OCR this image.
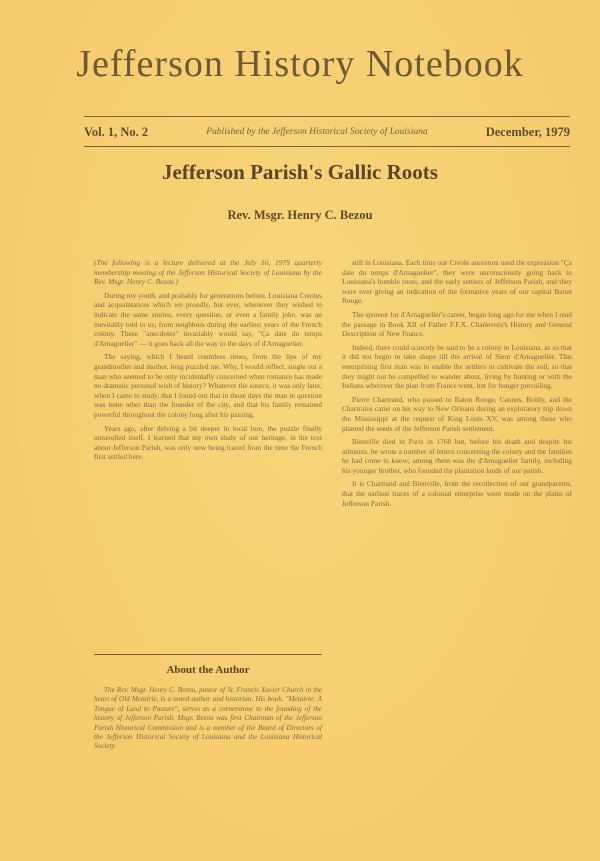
Jefferson History Notebook
Vol. 1, No. 2	Published by the Jefferson Historical Society of Louisiana	December, 1979
Jefferson Parish's Gallic Roots
Rev. Msgr. Henry C. Bezou

(The following is a lecture delivered at the July 16, 1979 quarterly membership meeting of the Jefferson Historical Society of Louisiana by the Rev. Msgr. Henry C. Bezou.)

During my youth, and probably for generations before, Louisiana Creoles and acquaintances which we proudly, but ever, whenever they wished to indicate the same stories, every question, or even a family joke, was an inevitably told to us; from neighbors during the earliest years of the French colony. These "anecdotes" invariably would say, "Ça date du temps d'Arnaguelier" — it goes back all the way to the days of d'Arnaguelier.

The saying, which I heard countless times, from the lips of my grandmother and mother, long puzzled me. Why, I would reflect, single out a man who seemed to be only incidentally concerned when romance has made no dramatic personal wish of history? Whatever the source, it was only later, when I came to study, that I found out that in those days the man in question was none other than the founder of the city, and that his family remained powerful throughout the colony long after his passing.

Years ago, after delving a bit deeper in local lore, the puzzle finally unravelled itself. I learned that my own study of our heritage, in the text about Jefferson Parish, was only now being traced from the time the French first settled here.

About the Author
The Rev. Msgr. Henry C. Bezou, pastor of St. Francis Xavier Church in the heart of Old Metairie, is a noted author and historian. His book, "Metairie: A Tongue of Land to Pasture", serves as a cornerstone to the founding of the history of Jefferson Parish. Msgr. Bezou was first Chairman of the Jefferson Parish Historical Commission and is a member of the Board of Directors of the Jefferson Historical Society of Louisiana and the Louisiana Historical Society.

still in Louisiana. Each time our Creole ancestors used the expression "Ça date du temps d'Arnaguelier", they were unconsciously going back to Louisiana's humble roots, and the early settlers of Jefferson Parish, and they were ever giving an indication of the formative years of our capital Baton Rouge.

The sponsor for d'Arnaguelier's career, began long ago for me when I read the passage in Book XII of Father F.F.X. Charlevoix's History and General Description of New France.

Indeed, there could scarcely be said to be a colony in Louisiana, as so that it did not begin to take shape till the arrival of Sieur d'Arnaguelier. This enterprising first man was to enable the settlers to cultivate the soil, so that they might not be compelled to wander about, living by hunting or with the Indians wherever the plan from France went, but for hunger prevailing.

Pierre Chartrand, who passed to Baton Rouge, Cannes, Boilly, and the Chartrains came on his way to New Orleans during an exploratory trip down the Mississippi at the request of King Louis XV, was among those who planted the seeds of the Jefferson Parish settlement.

Bienville died in Paris in 1768 but, before his death and despite his ailments, he wrote a number of letters concerning the colony and the families he had come to know; among them was the d'Arnaguelier family, including his younger brother, who founded the plantation lands of our parish.

It is Chartrand and Bienville, from the recollection of our grandparents, that the earliest traces of a colonial enterprise were made on the plains of Jefferson Parish.
